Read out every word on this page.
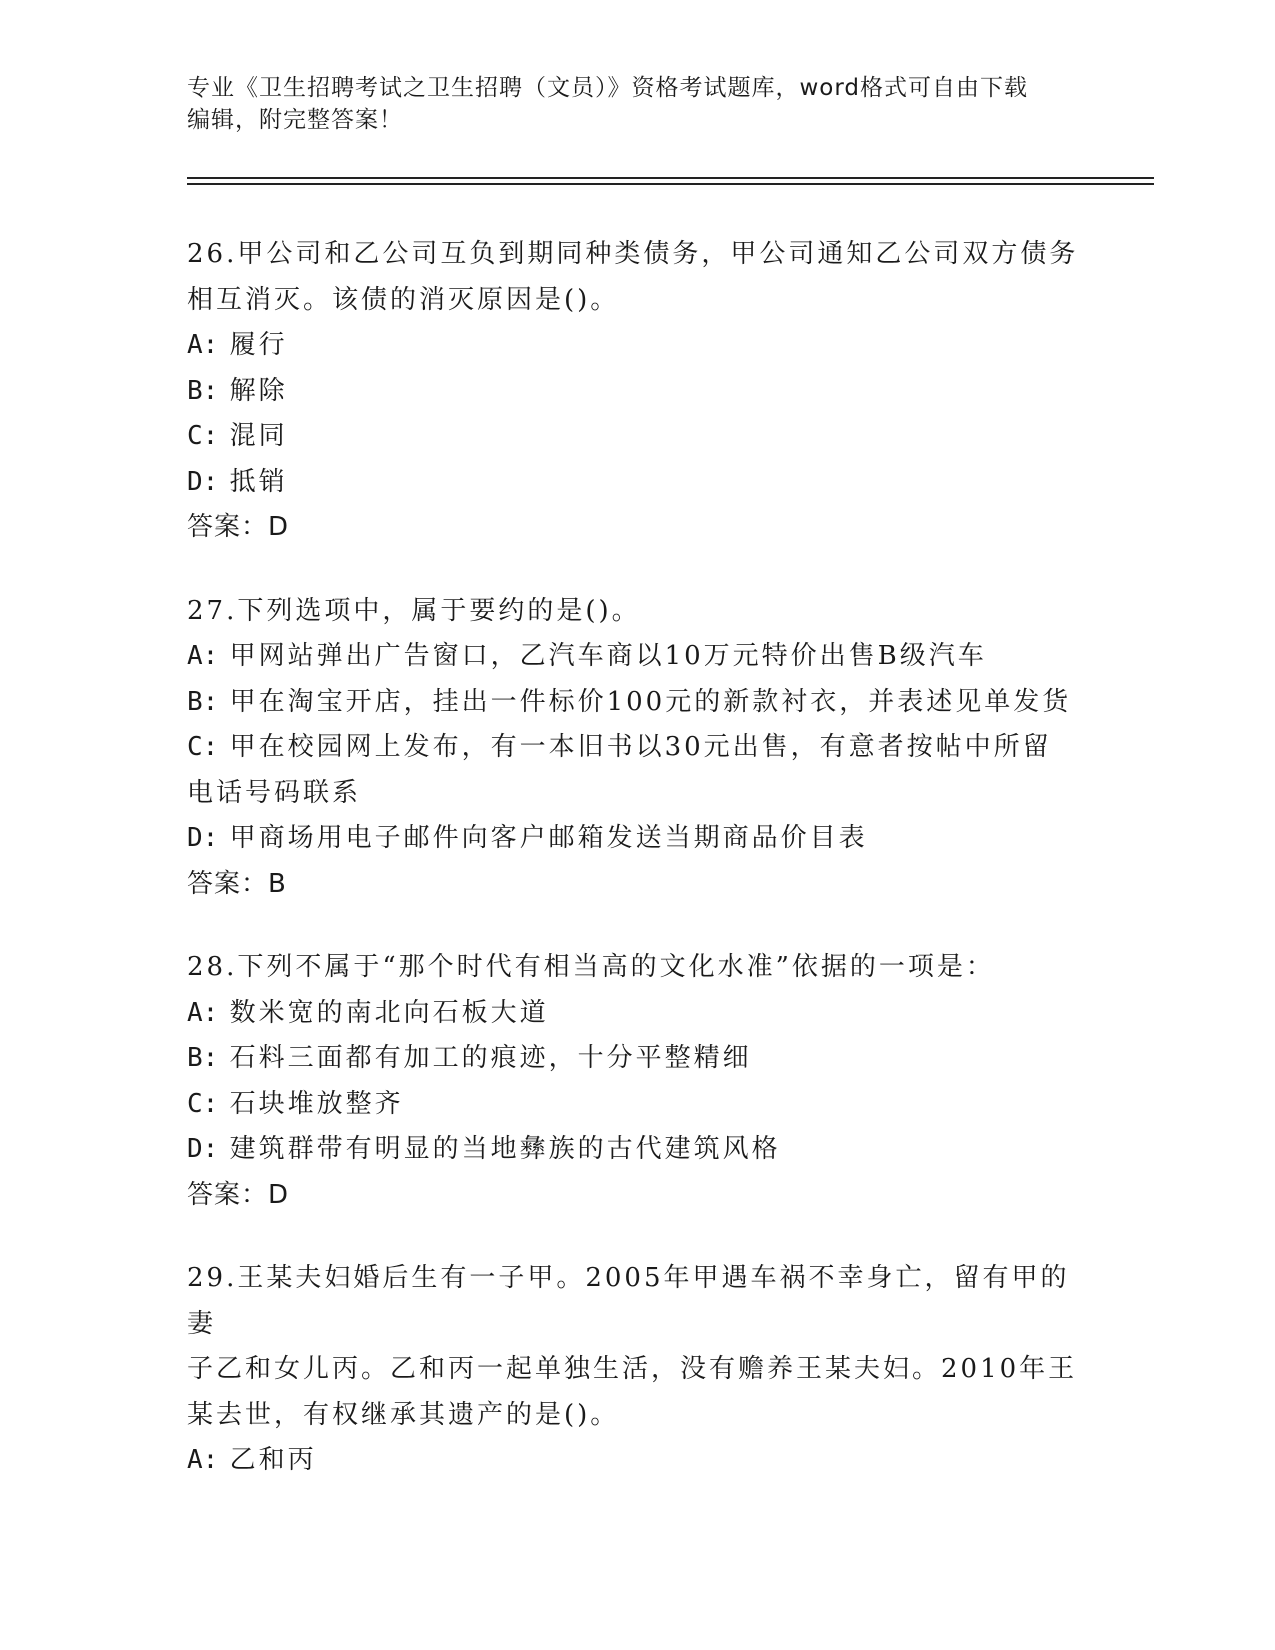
专业《卫生招聘考试之卫生招聘（文员）》资格考试题库，word格式可自由下载
编辑，附完整答案！
26.甲公司和乙公司互负到期同种类债务，甲公司通知乙公司双方债务
相互消灭。该债的消灭原因是()。
A: 履行
B: 解除
C: 混同
D: 抵销
答案：D
27.下列选项中，属于要约的是()。
A: 甲网站弹出广告窗口，乙汽车商以10万元特价出售B级汽车
B: 甲在淘宝开店，挂出一件标价100元的新款衬衣，并表述见单发货
C: 甲在校园网上发布，有一本旧书以30元出售，有意者按帖中所留
电话号码联系
D: 甲商场用电子邮件向客户邮箱发送当期商品价目表
答案：B
28.下列不属于“那个时代有相当高的文化水准”依据的一项是：
A: 数米宽的南北向石板大道
B: 石料三面都有加工的痕迹，十分平整精细
C: 石块堆放整齐
D: 建筑群带有明显的当地彝族的古代建筑风格
答案：D
29.王某夫妇婚后生有一子甲。2005年甲遇车祸不幸身亡，留有甲的妻
子乙和女儿丙。乙和丙一起单独生活，没有赡养王某夫妇。2010年王
某去世，有权继承其遗产的是()。
A: 乙和丙
